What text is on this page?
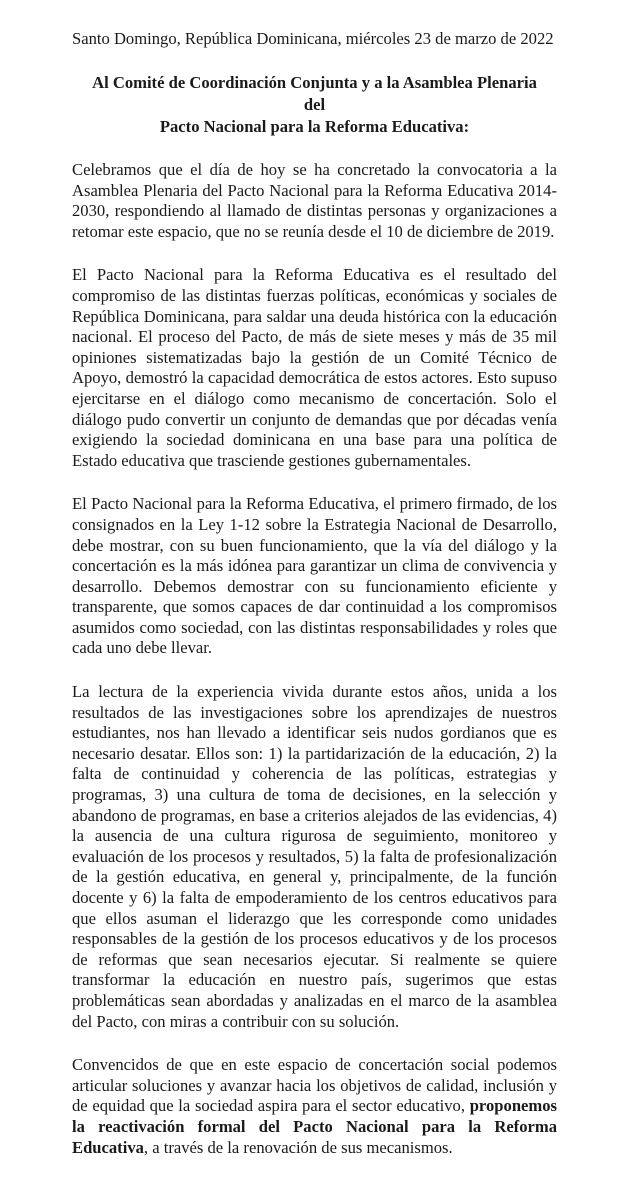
Santo Domingo, República Dominicana, miércoles 23 de marzo de 2022

Al Comité de Coordinación Conjunta y a la Asamblea Plenaria
del
Pacto Nacional para la Reforma Educativa:

Celebramos que el día de hoy se ha concretado la convocatoria a la Asamblea Plenaria del Pacto Nacional para la Reforma Educativa 2014-2030, respondiendo al llamado de distintas personas y organizaciones a retomar este espacio, que no se reunía desde el 10 de diciembre de 2019.

El Pacto Nacional para la Reforma Educativa es el resultado del compromiso de las distintas fuerzas políticas, económicas y sociales de República Dominicana, para saldar una deuda histórica con la educación nacional. El proceso del Pacto, de más de siete meses y más de 35 mil opiniones sistematizadas bajo la gestión de un Comité Técnico de Apoyo, demostró la capacidad democrática de estos actores. Esto supuso ejercitarse en el diálogo como mecanismo de concertación. Solo el diálogo pudo convertir un conjunto de demandas que por décadas venía exigiendo la sociedad dominicana en una base para una política de Estado educativa que trasciende gestiones gubernamentales.

El Pacto Nacional para la Reforma Educativa, el primero firmado, de los consignados en la Ley 1-12 sobre la Estrategia Nacional de Desarrollo, debe mostrar, con su buen funcionamiento, que la vía del diálogo y la concertación es la más idónea para garantizar un clima de convivencia y desarrollo. Debemos demostrar con su funcionamiento eficiente y transparente, que somos capaces de dar continuidad a los compromisos asumidos como sociedad, con las distintas responsabilidades y roles que cada uno debe llevar.

La lectura de la experiencia vivida durante estos años, unida a los resultados de las investigaciones sobre los aprendizajes de nuestros estudiantes, nos han llevado a identificar seis nudos gordianos que es necesario desatar. Ellos son: 1) la partidarización de la educación, 2) la falta de continuidad y coherencia de las políticas, estrategias y programas, 3) una cultura de toma de decisiones, en la selección y abandono de programas, en base a criterios alejados de las evidencias, 4) la ausencia de una cultura rigurosa de seguimiento, monitoreo y evaluación de los procesos y resultados, 5) la falta de profesionalización de la gestión educativa, en general y, principalmente, de la función docente y 6) la falta de empoderamiento de los centros educativos para que ellos asuman el liderazgo que les corresponde como unidades responsables de la gestión de los procesos educativos y de los procesos de reformas que sean necesarios ejecutar. Si realmente se quiere transformar la educación en nuestro país, sugerimos que estas problemáticas sean abordadas y analizadas en el marco de la asamblea del Pacto, con miras a contribuir con su solución.

Convencidos de que en este espacio de concertación social podemos articular soluciones y avanzar hacia los objetivos de calidad, inclusión y de equidad que la sociedad aspira para el sector educativo, proponemos la reactivación formal del Pacto Nacional para la Reforma Educativa, a través de la renovación de sus mecanismos.
